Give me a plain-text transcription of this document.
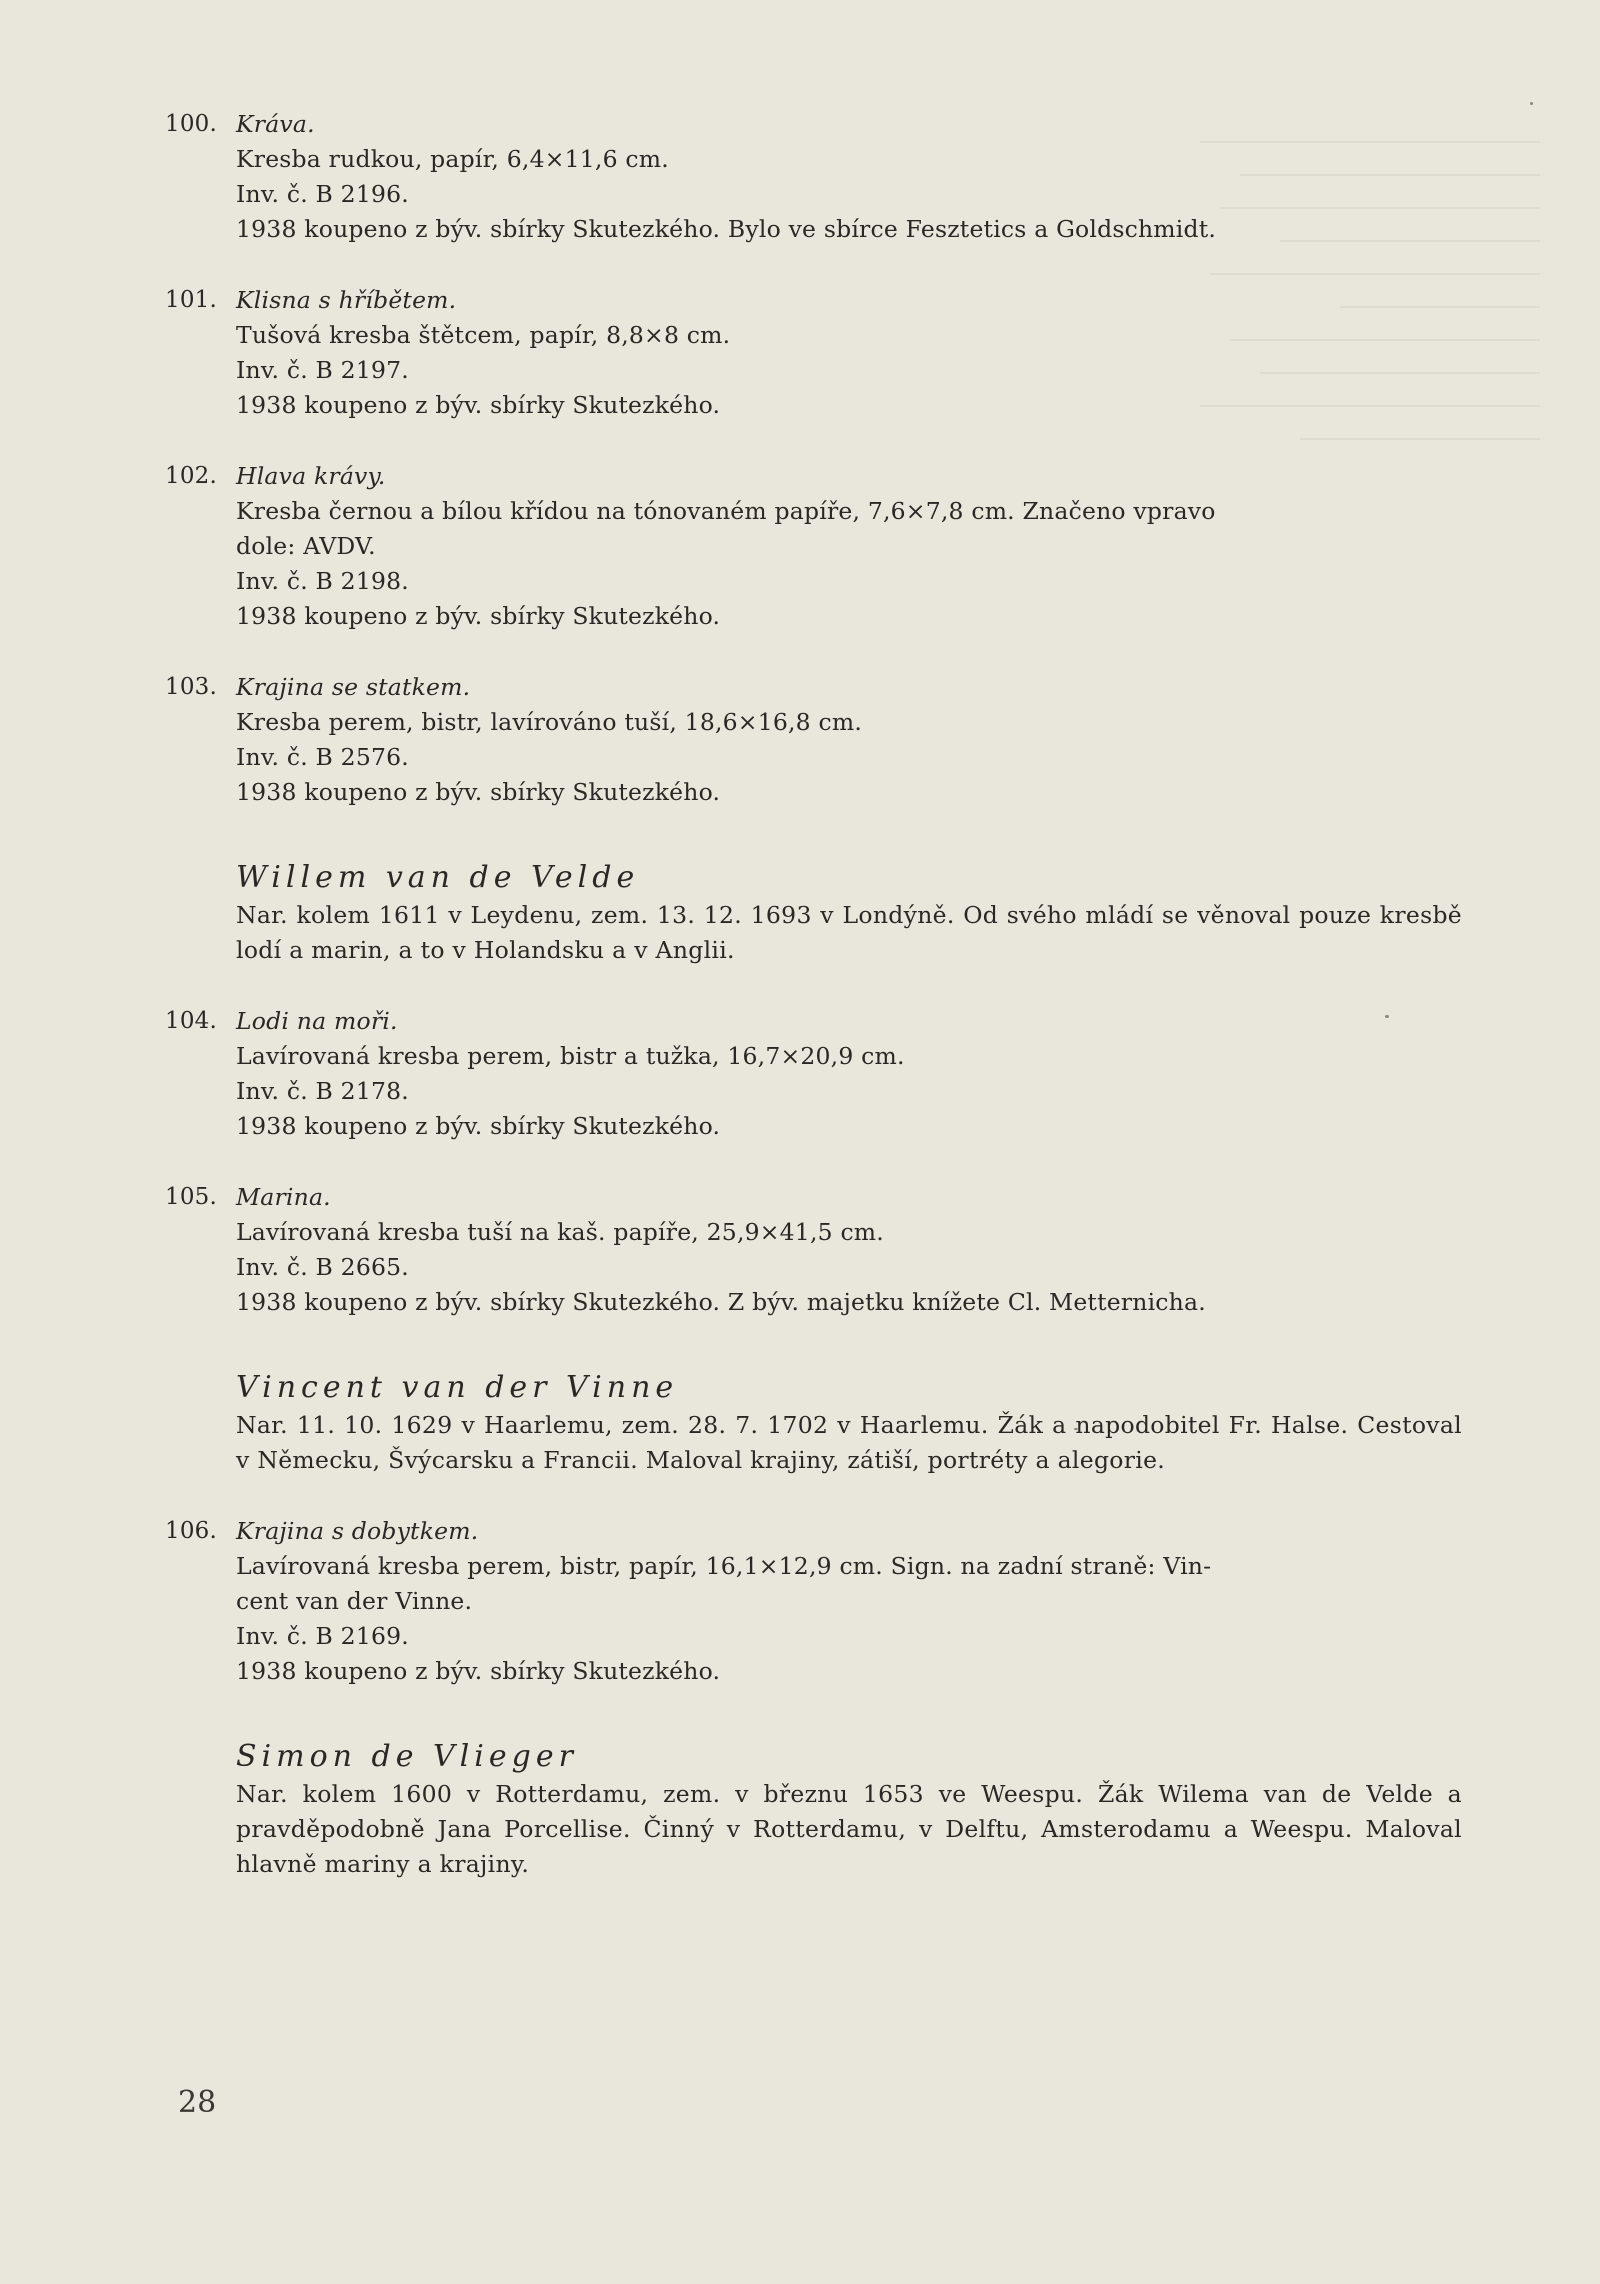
100. Kráva.
Kresba rudkou, papír, 6,4×11,6 cm.
Inv. č. B 2196.
1938 koupeno z býv. sbírky Skutezkého. Bylo ve sbírce Fesztetics a Goldschmidt.
101. Klisna s hříbětem.
Tušová kresba štětcem, papír, 8,8×8 cm.
Inv. č. B 2197.
1938 koupeno z býv. sbírky Skutezkého.
102. Hlava krávy.
Kresba černou a bílou křídou na tónovaném papíře, 7,6×7,8 cm. Značeno vpravo
dole: AVDV.
Inv. č. B 2198.
1938 koupeno z býv. sbírky Skutezkého.
103. Krajina se statkem.
Kresba perem, bistr, lavírováno tuší, 18,6×16,8 cm.
Inv. č. B 2576.
1938 koupeno z býv. sbírky Skutezkého.
Willem van de Velde
Nar. kolem 1611 v Leydenu, zem. 13. 12. 1693 v Londýně. Od svého mládí se věnoval pouze kresbě lodí a marin, a to v Holandsku a v Anglii.
104. Lodi na moři.
Lavírovaná kresba perem, bistr a tužka, 16,7×20,9 cm.
Inv. č. B 2178.
1938 koupeno z býv. sbírky Skutezkého.
105. Marina.
Lavírovaná kresba tuší na kaš. papíře, 25,9×41,5 cm.
Inv. č. B 2665.
1938 koupeno z býv. sbírky Skutezkého. Z býv. majetku knížete Cl. Metternicha.
Vincent van der Vinne
Nar. 11. 10. 1629 v Haarlemu, zem. 28. 7. 1702 v Haarlemu. Žák a napodobitel Fr. Halse. Cestoval v Německu, Švýcarsku a Francii. Maloval krajiny, zátiší, portréty a alegorie.
106. Krajina s dobytkem.
Lavírovaná kresba perem, bistr, papír, 16,1×12,9 cm. Sign. na zadní straně: Vin-
cent van der Vinne.
Inv. č. B 2169.
1938 koupeno z býv. sbírky Skutezkého.
Simon de Vlieger
Nar. kolem 1600 v Rotterdamu, zem. v březnu 1653 ve Weespu. Žák Wilema van de Velde a pravděpodobně Jana Porcellise. Činný v Rotterdamu, v Delftu, Amsterodamu a Weespu. Maloval hlavně mariny a krajiny.
28
